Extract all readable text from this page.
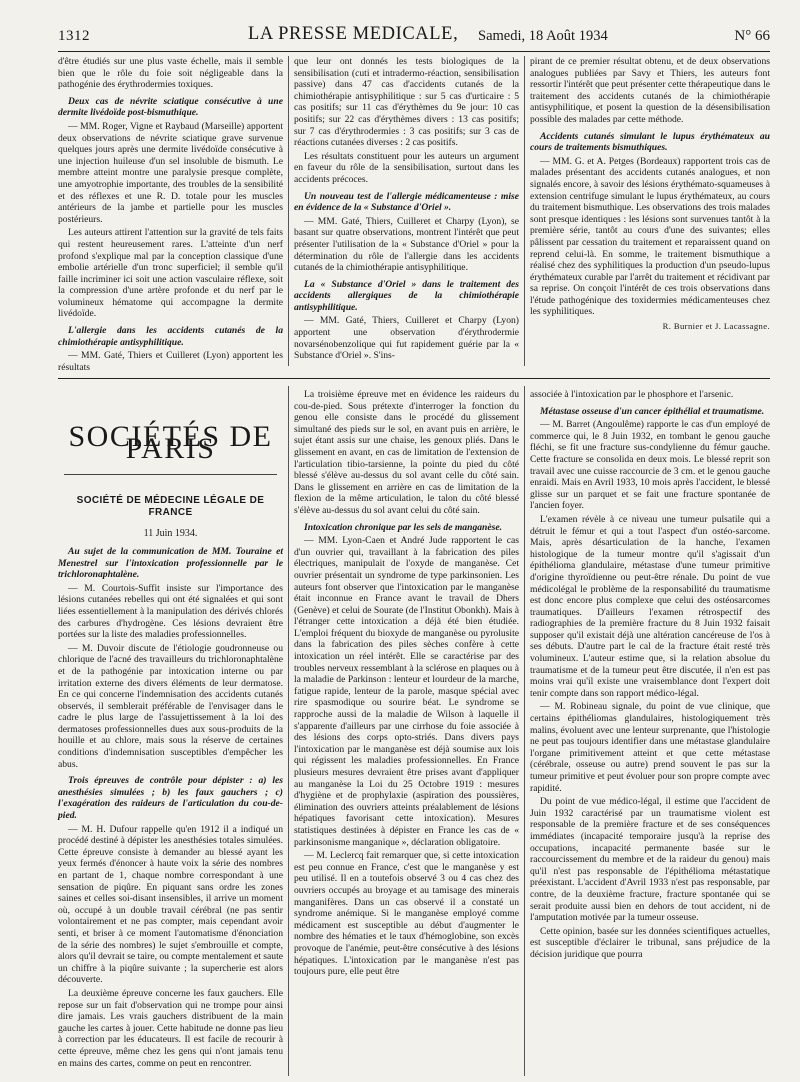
1312	LA PRESSE MEDICALE, Samedi, 18 Août 1934	N° 66

d'être étudiés sur une plus vaste échelle, mais il semble bien que le rôle du foie soit négligeable dans la pathogénie des érythrodermies toxiques.

Deux cas de névrite sciatique consécutive à une dermite livédoïde post-bismuthique.

— MM. Roger, Vigne et Raybaud (Marseille) apportent deux observations de névrite sciatique grave survenue quelques jours après une dermite livédoïde consécutive à une injection huileuse d'un sel insoluble de bismuth. Le membre atteint montre une paralysie presque complète, une amyotrophie importante, des troubles de la sensibilité et des réflexes et une R. D. totale pour les muscles antérieurs de la jambe et partielle pour les muscles postérieurs.

Les auteurs attirent l'attention sur la gravité de tels faits qui restent heureusement rares. L'atteinte d'un nerf profond s'explique mal par la conception classique d'une embolie artérielle d'un tronc superficiel; il semble qu'il faille incriminer ici soit une action vasculaire réflexe, soit la compression d'une artère profonde et du nerf par le volumineux hématome qui accompagne la dermite livédoïde.

L'allergie dans les accidents cutanés de la chimiothérapie antisyphilitique.

— MM. Gaté, Thiers et Cuilleret (Lyon) apportent les résultats

que leur ont donnés les tests biologiques de la sensibilisation (cuti et intradermo-réaction, sensibilisation passive) dans 47 cas d'accidents cutanés de la chimiothérapie antisyphilitique : sur 5 cas d'urticaire : 5 cas positifs; sur 11 cas d'érythèmes du 9e jour: 10 cas positifs; sur 22 cas d'érythèmes divers : 13 cas positifs; sur 7 cas d'érythrodermies : 3 cas positifs; sur 3 cas de réactions cutanées diverses : 2 cas positifs.

Les résultats constituent pour les auteurs un argument en faveur du rôle de la sensibilisation, surtout dans les accidents précoces.

Un nouveau test de l'allergie médicamenteuse : mise en évidence de la « Substance d'Oriel ».

— MM. Gaté, Thiers, Cuilleret et Charpy (Lyon), se basant sur quatre observations, montrent l'intérêt que peut présenter l'utilisation de la « Substance d'Oriel » pour la détermination du rôle de l'allergie dans les accidents cutanés de la chimiothérapie antisyphilitique.

La « Substance d'Oriel » dans le traitement des accidents allergiques de la chimiothérapie antisyphilitique.

— MM. Gaté, Thiers, Cuilleret et Charpy (Lyon) apportent une observation d'érythrodermie novarsénobenzolique qui fut rapidement guérie par la « Substance d'Oriel ». S'ins-

pirant de ce premier résultat obtenu, et de deux observations analogues publiées par Savy et Thiers, les auteurs font ressortir l'intérêt que peut présenter cette thérapeutique dans le traitement des accidents cutanés de la chimiothérapie antisyphilitique, et posent la question de la désensibilisation possible des malades par cette méthode.

Accidents cutanés simulant le lupus érythémateux au cours de traitements bismuthiques.

— MM. G. et A. Petges (Bordeaux) rapportent trois cas de malades présentant des accidents cutanés analogues, et non signalés encore, à savoir des lésions érythémato-squameuses à extension centrifuge simulant le lupus érythémateux, au cours du traitement bismuthique. Les observations des trois malades sont presque identiques : les lésions sont survenues tantôt à la première série, tantôt au cours d'une des suivantes; elles pâlissent par cessation du traitement et reparaissent quand on reprend celui-là. En somme, le traitement bismuthique a réalisé chez des syphilitiques la production d'un pseudo-lupus érythémateux curable par l'arrêt du traitement et récidivant par sa reprise. On conçoit l'intérêt de ces trois observations dans l'étude pathogénique des toxidermies médicamenteuses chez les syphilitiques.

R. Burnier et J. Lacassagne.
SOCIÉTÉS DE PARIS
SOCIÉTÉ DE MÉDECINE LÉGALE DE FRANCE
11 Juin 1934.

Au sujet de la communication de MM. Touraine et Menestrel sur l'intoxication professionnelle par le trichloronaphtalène.

— M. Courtois-Suffit insiste sur l'importance des lésions cutanées rebelles qui ont été signalées et qui sont liées essentiellement à la manipulation des dérivés chlorés des carbures d'hydrogène. Ces lésions devraient être portées sur la liste des maladies professionnelles.

— M. Duvoir discute de l'étiologie goudronneuse ou chlorique de l'acné des travailleurs du trichloronaphtalène et de la pathogénie par intoxication interne ou par irritation externe des divers éléments de leur dermatose. En ce qui concerne l'indemnisation des accidents cutanés observés, il semblerait préférable de l'envisager dans le cadre le plus large de l'assujettissement à la loi des dermatoses professionnelles dues aux sous-produits de la houille et au chlore, mais sous la réserve de certaines conditions d'indemnisation susceptibles d'empêcher les abus.

Trois épreuves de contrôle pour dépister : a) les anesthésies simulées ; b) les faux gauchers ; c) l'exagération des raideurs de l'articulation du cou-de-pied.

— M. H. Dufour rappelle qu'en 1912 il a indiqué un procédé destiné à dépister les anesthésies totales simulées. Cette épreuve consiste à demander au blessé ayant les yeux fermés d'énoncer à haute voix la série des nombres en partant de 1, chaque nombre correspondant à une sensation de piqûre. En piquant sans ordre les zones saines et celles soi-disant insensibles, il arrive un moment où, occupé à un double travail cérébral (ne pas sentir volontairement et ne pas compter, mais cependant avoir senti, et briser à ce moment l'automatisme d'énonciation de la série des nombres) le sujet s'embrouille et compte, alors qu'il devrait se taire, ou compte mentalement et saute un chiffre à la piqûre suivante ; la supercherie est alors découverte.

La deuxième épreuve concerne les faux gauchers. Elle repose sur un fait d'observation qui ne trompe pour ainsi dire jamais. Les vrais gauchers distribuent de la main gauche les cartes à jouer. Cette habitude ne donne pas lieu à correction par les éducateurs. Il est facile de recourir à cette épreuve, même chez les gens qui n'ont jamais tenu en mains des cartes, comme on peut en rencontrer.

La troisième épreuve met en évidence les raideurs du cou-de-pied. Sous prétexte d'interroger la fonction du genou elle consiste dans le procédé du glissement simultané des pieds sur le sol, en avant puis en arrière, le sujet étant assis sur une chaise, les genoux pliés. Dans le glissement en avant, en cas de limitation de l'extension de l'articulation tibio-tarsienne, la pointe du pied du côté blessé s'élève au-dessus du sol avant celle du côté sain. Dans le glissement en arrière en cas de limitation de la flexion de la même articulation, le talon du côté blessé s'élève au-dessus du sol avant celui du côté sain.

Intoxication chronique par les sels de manganèse.

— MM. Lyon-Caen et André Jude rapportent le cas d'un ouvrier qui, travaillant à la fabrication des piles électriques, manipulait de l'oxyde de manganèse. Cet ouvrier présentait un syndrome de type parkinsonien. Les auteurs font observer que l'intoxication par le manganèse était inconnue en France avant le travail de Dhers (Genève) et celui de Sourate (de l'Institut Obonkh). Mais à l'étranger cette intoxication a déjà été bien étudiée. L'emploi fréquent du bioxyde de manganèse ou pyrolusite dans la fabrication des piles sèches confère à cette intoxication un réel intérêt. Elle se caractérise par des troubles nerveux ressemblant à la sclérose en plaques ou à la maladie de Parkinson : lenteur et lourdeur de la marche, fatigue rapide, lenteur de la parole, masque spécial avec rire spasmodique ou sourire béat. Le syndrome se rapproche aussi de la maladie de Wilson à laquelle il s'apparente d'ailleurs par une cirrhose du foie associée à des lésions des corps opto-striés. Dans divers pays l'intoxication par le manganèse est déjà soumise aux lois qui régissent les maladies professionnelles. En France plusieurs mesures devraient être prises avant d'appliquer au manganèse la Loi du 25 Octobre 1919 : mesures d'hygiène et de prophylaxie (aspiration des poussières, élimination des ouvriers atteints préalablement de lésions hépatiques favorisant cette intoxication). Mesures statistiques destinées à dépister en France les cas de « parkinsonisme manganique », déclaration obligatoire.

— M. Leclercq fait remarquer que, si cette intoxication est peu connue en France, c'est que le manganèse y est peu utilisé. Il en a toutefois observé 3 ou 4 cas chez des ouvriers occupés au broyage et au tamisage des minerais manganifères. Dans un cas observé il a constaté un syndrome anémique. Si le manganèse employé comme médicament est susceptible au début d'augmenter le nombre des hématies et le taux d'hémoglobine, son excès provoque de l'anémie, peut-être consécutive à des lésions hépatiques. L'intoxication par le manganèse n'est pas toujours pure, elle peut être

associée à l'intoxication par le phosphore et l'arsenic.

Métastase osseuse d'un cancer épithélial et traumatisme.

— M. Barret (Angoulême) rapporte le cas d'un employé de commerce qui, le 8 Juin 1932, en tombant le genou gauche fléchi, se fit une fracture sus-condylienne du fémur gauche. Cette fracture se consolida en deux mois. Le blessé reprit son travail avec une cuisse raccourcie de 3 cm. et le genou gauche enraidi. Mais en Avril 1933, 10 mois après l'accident, le blessé glisse sur un parquet et se fait une fracture spontanée de l'ancien foyer.

L'examen révèle à ce niveau une tumeur pulsatile qui a détruit le fémur et qui a tout l'aspect d'un ostéo-sarcome. Mais, après désarticulation de la hanche, l'examen histologique de la tumeur montre qu'il s'agissait d'un épithélioma glandulaire, métastase d'une tumeur primitive d'origine thyroïdienne ou peut-être rénale. Du point de vue médicolégal le problème de la responsabilité du traumatisme est donc encore plus complexe que celui des ostéosarcomes traumatiques. D'ailleurs l'examen rétrospectif des radiographies de la première fracture du 8 Juin 1932 faisait supposer qu'il existait déjà une altération cancéreuse de l'os à ses débuts. D'autre part le cal de la fracture était resté très volumineux. L'auteur estime que, si la relation absolue du traumatisme et de la tumeur peut être discutée, il n'en est pas moins vrai qu'il existe une vraisemblance dont l'expert doit tenir compte dans son rapport médico-légal.

— M. Robineau signale, du point de vue clinique, que certains épithéliomas glandulaires, histologiquement très malins, évoluent avec une lenteur surprenante, que l'histologie ne peut pas toujours identifier dans une métastase glandulaire l'organe primitivement atteint et que cette métastase (cérébrale, osseuse ou autre) prend souvent le pas sur la tumeur primitive et peut évoluer pour son propre compte avec rapidité.

Du point de vue médico-légal, il estime que l'accident de Juin 1932 caractérisé par un traumatisme violent est responsable de la première fracture et de ses conséquences immédiates (incapacité temporaire jusqu'à la reprise des occupations, incapacité permanente basée sur le raccourcissement du membre et de la raideur du genou) mais qu'il n'est pas responsable de l'épithélioma métastatique préexistant. L'accident d'Avril 1933 n'est pas responsable, par contre, de la deuxième fracture, fracture spontanée qui se serait produite aussi bien en dehors de tout accident, ni de l'amputation motivée par la tumeur osseuse.

Cette opinion, basée sur les données scientifiques actuelles, est susceptible d'éclairer le tribunal, sans préjudice de la décision juridique que pourra
